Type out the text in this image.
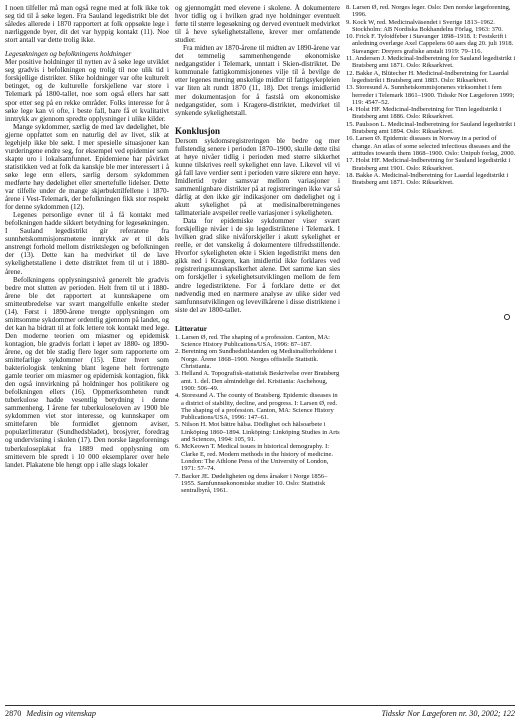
I noen tilfeller må man også regne med at folk ikke tok seg tid til å søke legen. Fra Sauland legedistrikt ble det således allerede i 1870 rapportert at folk oppsøkte lege i nærliggende byer, dit det var hyppig kontakt (11). Noe stort antall var dette trolig ikke.

Legesøkningen og befolkningens holdninger

Mer positive holdninger til nytten av å søke lege utviklet seg gradvis i befolkningen og trolig til noe ulik tid i forskjellige distrikter. Slike holdninger var ofte kulturelt betinget, og de kulturelle forskjellene var store i Telemark på 1800-tallet, noe som også ellers har satt spor etter seg på en rekke områder. Folks interesse for å søke lege kan vi ofte, i beste fall, bare få et kvalitativt inntrykk av gjennom spredte opplysninger i ulike kilder.

Mange sykdommer, særlig de med lav dødelighet, ble gjerne oppfattet som en naturlig del av livet, slik at legehjelp ikke ble søkt. I mer spesielle situasjoner kan vurderingene endre seg, for eksempel ved epidemier som skapte uro i lokalsamfunnet. Epidemiene har påvirket statistikken ved at folk da kanskje ble mer interessert i å søke lege enn ellers, særlig dersom sykdommen medførte høy dødelighet eller smertefulle lidelser. Dette var tilfelle under de mange skjørbukttilfellene i 1870-årene i Vest-Telemark, der befolkningen fikk stor respekt for denne sykdommen (12).

Legenes personlige evner til å få kontakt med befolkningen hadde sikkert betydning for legesøkningen. I Sauland legedistrikt gir referatene fra sunnhetskommisjonsmøtene inntrykk av et til dels anstrengt forhold mellom distriktslegen og befolkningen der (13). Dette kan ha medvirket til de lave sykelighetstallene i dette distriktet frem til ut i 1880-årene.

Befolkningens opplysningsnivå generelt ble gradvis bedre mot slutten av perioden. Helt frem til ut i 1880-årene ble det rapportert at kunnskapene om smitteutbredelse var svært mangelfulle enkelte steder (14). Først i 1890-årene trengte opplysningen om smittsomme sykdommer ordentlig gjennom på landet, og det kan ha bidratt til at folk lettere tok kontakt med lege. Den moderne teorien om miasmer og epidemisk kontagion, ble gradvis forlatt i løpet av 1880- og 1890-årene, og det ble stadig flere leger som rapporterte om smittefarlige sykdommer (15). Etter hvert som bakteriologisk tenkning blant legene helt fortrengte gamle teorier om miasmer og epidemisk kontagion, fikk den også innvirkning på holdninger hos politikere og befolkningen ellers (16). Oppmerksomheten rundt tuberkulose hadde vesentlig betydning i denne sammenheng. I årene før tuberkuloseloven av 1900 ble sykdommen viet stor interesse, og kunnskaper om smittefaren ble formidlet gjennom aviser, populærlitteratur (Sundhedsbladet), brosjyrer, foredrag og undervisning i skolen (17). Den norske lægeforenings tuberkuloseplakat fra 1889 med opplysning om smittevern ble spredt i 10 000 eksemplarer over hele landet. Plakatene ble hengt opp i alle slags lokaler

og gjennomgått med elevene i skolene. Å dokumentere hvor tidlig og i hvilken grad nye holdninger eventuelt førte til større legesøkning og derved eventuelt medvirket til å heve sykelighetstallene, krever mer omfattende studier.

Fra midten av 1870-årene til midten av 1890-årene var det temmelig sammenhengende økonomiske nedgangstider i Telemark, unntatt i Skien-distriktet. De kommunale fattigkommisjonenes vilje til å bevilge de etter legenes mening ønskelige midler til fattigsykepleien var liten alt rundt 1870 (11, 18). Det trengs imidlertid mer dokumentasjon for å fastslå om økonomiske nedgangstider, som i Kragerø-distriktet, medvirket til synkende sykelighetstall.

Konklusjon

Dersom sykdomsregistreringen ble bedre og mer fullstendig senere i perioden 1870–1900, skulle dette tilsi at høye nivåer tidlig i perioden med større sikkerhet kunne tilskrives reell sykelighet enn lave. Likevel vil vi gå fall lave verdier sent i perioden være sikrere enn høye. Imidlertid tyder samsvar mellom variasjoner i sammenlignbare distrikter på at registreringen ikke var så dårlig at den ikke gir indikasjoner om dødelighet og i akutt sykelighet på at medisinalberetningenes tallmateriale avspeiler reelle variasjoner i sykeligheten.

Data for epidemiske sykdommer viser svært forskjellige nivåer i de sju legedistriktene i Telemark. I hvilken grad slike nivåforskjeller i akutt sykelighet er reelle, er det vanskelig å dokumentere tilfredsstillende. Hvorfor sykeligheten økte i Skien legedistrikt mens den gikk ned i Kragerø, kan imidlertid ikke forklares ved registreringsunnskapslkerhet alene. Det samme kan sies om forskjeller i sykelighetsutviklingen mellom de fem andre legedistriktene. For å forklare dette er det nødvendig med en nærmere analyse av ulike sider ved samfunnsutviklingen og levevilkårene i disse distriktene i siste del av 1800-tallet.

Litteratur
1. Larsen Ø, red. The shaping of a profession. Canton, MA: Science History Publications/USA, 1996: 87–187.
2. Beretning om Sundhedstilstanden og Medisinalforholdene i Norge. Årene 1868–1900. Norges offisielle Statistik. Christiania.
3. Helland A. Topografisk-statistisk Beskrivelse over Bratsberg amt. 1. del. Den almindelige del. Kristiania: Aschehoug, 1900: 506–49.
4. Storesund A. The county of Bratsberg. Epidemic diseases in a district of stability, decline, and progress. I: Larsen Ø, red. The shaping of a profession. Canton, MA: Science History Publications/USA, 1996: 147–61.
5. Nilson H. Mot bättre hälsa. Dödlighet och hälsoarbete i Linköping 1860–1894. Linköping: Linköping Studies in Arts and Sciences, 1994: 105, 91.
6. McKeown T. Medical issues in historical demography. I: Clarke E, red. Modern methods in the history of medicine. London: The Athlone Press of the University of London, 1971: 57–74.
7. Backer JE. Dødeligheten og dens årsaker i Norge 1856–1955. Samfunnsøkonomiske studier 10. Oslo: Statistisk sentralbyrå, 1961.
8. Larsen Ø, red. Norges leger. Oslo: Den norske lægeforening, 1996.
9. Kock W, red. Medicinalväsendet i Sverige 1813–1962. Stockholm: AB Nordiska Bokhandelns Förlag, 1963: 370.
10. Frick F. Tyfoidfeber i Stavanger 1898–1918. I: Festskrift i anledning overlæge Axel Cappelens 60 aars dag 20. juli 1918. Stavanger: Dreyers grafiske anstalt 1919: 79–116.
11. Andersen J. Medicinal-Indberetning for Sauland legedistrikt i Bratsberg amt 1871. Oslo: Riksarkivet.
12. Bakke A, Blütecher H. Medicinal-Indberetning for Laardal legedistrikt i Bratsberg amt 1883. Oslo: Riksarkivet.
13. Storesund A. Sunnhetskommisjonenes virksomhet i fem herreder i Telemark 1861–1900. Tidsskr Nor Lægeforen 1999; 119: 4547–52.
14. Holst HF. Medicinal-Indberetning for Tinn legedistrikt i Bratsberg amt 1886. Oslo: Riksarkivet.
15. Paulsson L. Medicinal-Indberetning for Sauland legedistrikt i Bratsberg amt 1894. Oslo: Riksarkivet.
16. Larsen Ø. Epidemic diseases in Norway in a period of change. An atlas of some selected infectious diseases and the attitudes towards them 1868–1900. Oslo: Unipub forlag, 2000.
17. Holst HF. Medicinal-Indberetning for Sauland legedistrikt i Bratsberg amt 1901. Oslo: Riksarkivet.
18. Bakke A. Medicinal-Indberetning for Laardal legedistrikt i Bratsberg amt 1871. Oslo: Riksarkivet.
2870 Medisin og vitenskap	Tidsskr Nor Lægeforen nr. 30, 2002; 122
